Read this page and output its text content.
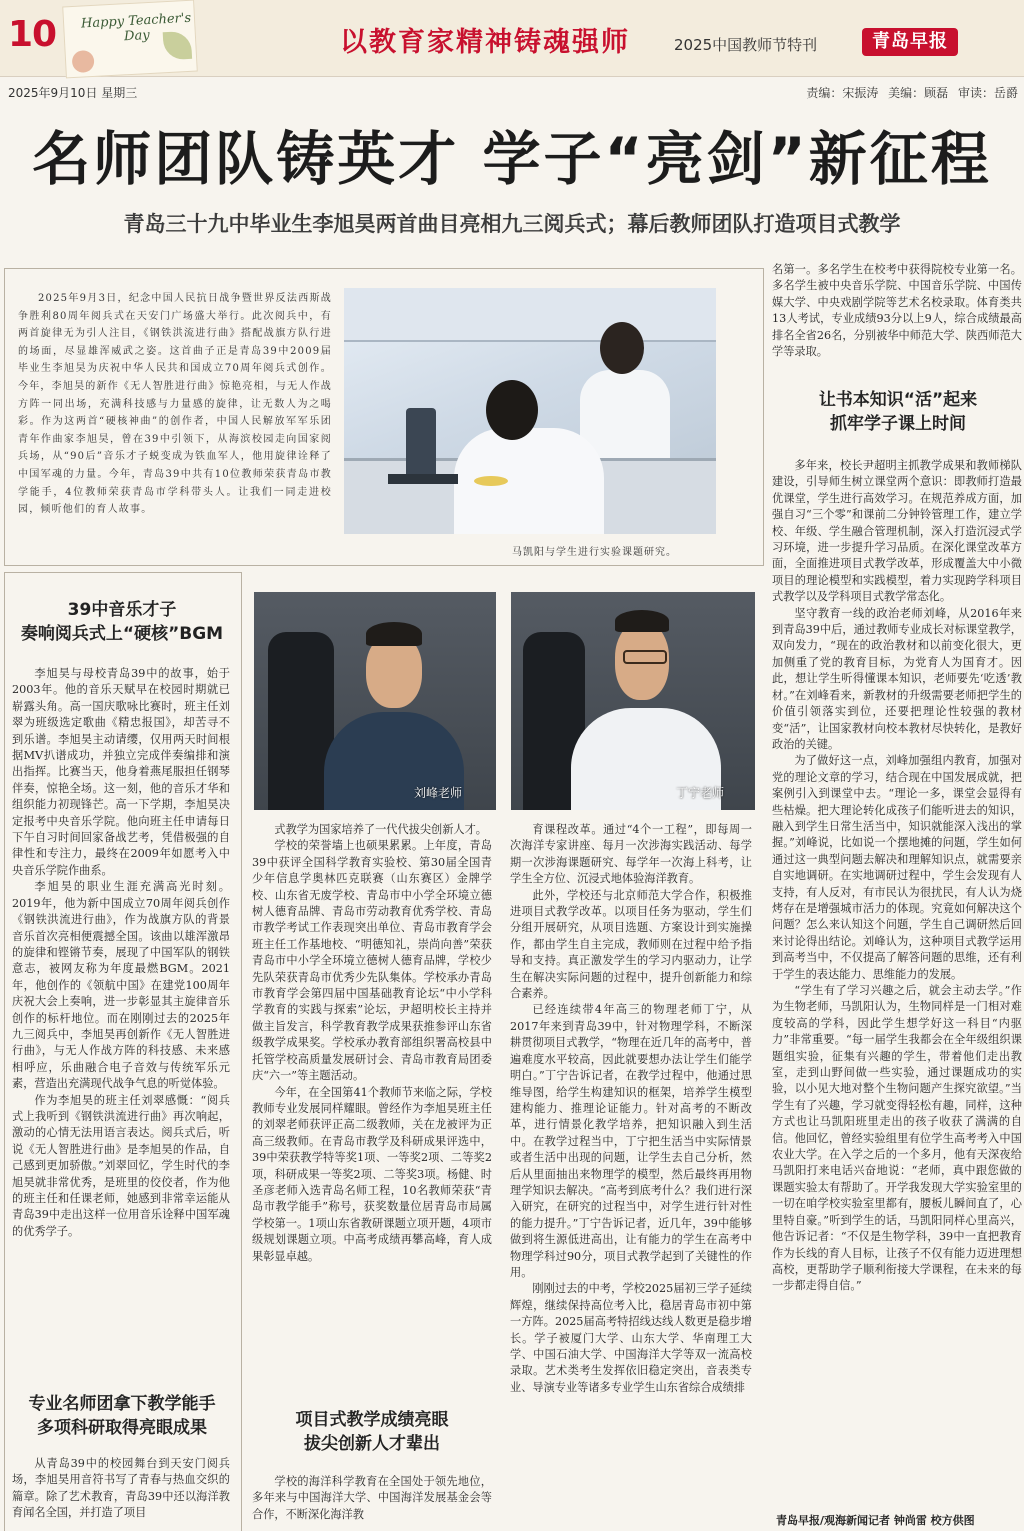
10 Happy Teacher's Day	以教育家精神铸魂强师	2025中国教师节特刊	青岛早报
2025年9月10日 星期三	责编：宋振涛 美编：顾磊 审读：岳爵
名师团队铸英才 学子“亮剑”新征程
青岛三十九中毕业生李旭昊两首曲目亮相九三阅兵式；幕后教师团队打造项目式教学

2025年9月3日，纪念中国人民抗日战争暨世界反法西斯战争胜利80周年阅兵式在天安门广场盛大举行。此次阅兵中，有两首旋律无为引人注目，《钢铁洪流进行曲》搭配战旗方队行进的场面，尽显雄浑威武之姿。这首曲子正是青岛39中2009届毕业生李旭昊为庆祝中华人民共和国成立70周年阅兵式创作。今年，李旭昊的新作《无人智胜进行曲》惊艳亮相，与无人作战方阵一同出场，充满科技感与力量感的旋律，让无数人为之喝彩。作为这两首“硬核神曲”的创作者，中国人民解放军军乐团青年作曲家李旭昊，曾在39中引领下，从海滨校园走向国家阅兵场，从“90后”音乐才子蜕变成为铁血军人，他用旋律诠释了中国军魂的力量。今年，青岛39中共有10位教师荣获青岛市教学能手，4位教师荣获青岛市学科带头人。让我们一同走进校园，倾听他们的育人故事。

马凯阳与学生进行实验课题研究。
39中音乐才子
奏响阅兵式上“硬核”BGM

李旭昊与母校青岛39中的故事，始于2003年。他的音乐天赋早在校园时期就已崭露头角。高一国庆歌咏比赛时，班主任刘翠为班级选定歌曲《精忠报国》，却苦寻不到乐谱。李旭昊主动请缨，仅用两天时间根据MV扒谱成功，并独立完成伴奏编排和演出指挥。比赛当天，他身着燕尾服担任钢琴伴奏，惊艳全场。这一刻，他的音乐才华和组织能力初现锋芒。高一下学期，李旭昊决定报考中央音乐学院。他向班主任申请每日下午自习时间回家备战艺考，凭借极强的自律性和专注力，最终在2009年如愿考入中央音乐学院作曲系。

李旭昊的职业生涯充满高光时刻。2019年，他为新中国成立70周年阅兵创作《钢铁洪流进行曲》，作为战旗方队的背景音乐首次亮相便震撼全国。该曲以雄浑激昂的旋律和铿锵节奏，展现了中国军队的钢铁意志，被网友称为年度最燃BGM。2021年，他创作的《领航中国》在建党100周年庆祝大会上奏响，进一步彰显其主旋律音乐创作的标杆地位。而在刚刚过去的2025年九三阅兵中，李旭昊再创新作《无人智胜进行曲》，与无人作战方阵的科技感、未来感相呼应，乐曲融合电子音效与传统军乐元素，营造出充满现代战争气息的听觉体验。

作为李旭昊的班主任刘翠感慨：“阅兵式上我听到《钢铁洪流进行曲》再次响起，激动的心情无法用语言表达。阅兵式后，听说《无人智胜进行曲》是李旭昊的作品，自己感到更加骄傲。”刘翠回忆，学生时代的李旭昊就非常优秀，是班里的佼佼者，作为他的班主任和任课老师，她感到非常幸运能从青岛39中走出这样一位用音乐诠释中国军魂的优秀学子。

专业名师团拿下教学能手
多项科研取得亮眼成果

从青岛39中的校园舞台到天安门阅兵场，李旭昊用音符书写了青春与热血交织的篇章。除了艺术教育，青岛39中还以海洋教育闻名全国，并打造了项目

刘峰老师	丁宁老师

式教学为国家培养了一代代拔尖创新人才。

学校的荣誉墙上也硕果累累。上年度，青岛39中获评全国科学教育实验校、第30届全国青少年信息学奥林匹克联赛（山东赛区）金牌学校、山东省无废学校、青岛市中小学全环境立德树人德育品牌、青岛市劳动教育优秀学校、青岛市教学考试工作表现突出单位、青岛市教育学会班主任工作基地校、“明德知礼，崇尚向善”荣获青岛市中小学全环境立德树人德育品牌，学校少先队荣获青岛市优秀少先队集体。学校承办青岛市教育学会第四届中国基础教育论坛“中小学科学教育的实践与探索”论坛，尹超明校长主持并做主旨发言，科学教育教学成果获推参评山东省级教学成果奖。学校承办教育部组织署高校县中托管学校高质量发展研讨会、青岛市教育局团委庆“六一”等主题活动。

今年，在全国第41个教师节来临之际，学校教师专业发展同样耀眼。曾经作为李旭昊班主任的刘翠老师获评正高二级教师，关在龙被评为正高三级教师。在青岛市教学及科研成果评选中，39中荣获教学特等奖1项、一等奖2项、二等奖2项，科研成果一等奖2项、二等奖3项。杨健、时圣彦老师入选青岛名师工程，10名教师荣获“青岛市教学能手”称号，获奖数量位居青岛市局属学校第一。1项山东省教研课题立项开题，4项市级规划课题立项。中高考成绩再攀高峰，育人成果彰显卓越。

项目式教学成绩亮眼
拔尖创新人才辈出

学校的海洋科学教育在全国处于领先地位，多年来与中国海洋大学、中国海洋发展基金会等合作，不断深化海洋教

育课程改革。通过“4个一工程”，即每周一次海洋专家讲座、每月一次涉海实践活动、每学期一次涉海课题研究、每学年一次海上科考，让学生全方位、沉浸式地体验海洋教育。

此外，学校还与北京师范大学合作，积极推进项目式教学改革。以项目任务为驱动，学生们分组开展研究，从项目选题、方案设计到实施操作，都由学生自主完成，教师则在过程中给予指导和支持。真正激发学生的学习内驱动力，让学生在解决实际问题的过程中，提升创新能力和综合素养。

已经连续带4年高三的物理老师丁宁，从2017年来到青岛39中，针对物理学科，不断深耕贯彻项目式教学，“物理在近几年的高考中，普遍难度水平较高，因此就要想办法让学生们能学明白。”丁宁告诉记者，在教学过程中，他通过思维导图，给学生构建知识的框架，培养学生模型建构能力、推理论证能力。针对高考的不断改革，进行情景化教学培养，把知识融入到生活中。在教学过程当中，丁宁把生活当中实际情景或者生活中出现的问题，让学生去自己分析，然后从里面抽出来物理学的模型，然后最终再用物理学知识去解决。“高考到底考什么？我们进行深入研究，在研究的过程当中，对学生进行针对性的能力提升。”丁宁告诉记者，近几年，39中能够做到将生源低进高出，让有能力的学生在高考中物理学科过90分，项目式教学起到了关键性的作用。

刚刚过去的中考，学校2025届初三学子延续辉煌，继续保持高位考入比，稳居青岛市初中第一方阵。2025届高考特招线达线人数更是稳步增长。学子被厦门大学、山东大学、华南理工大学、中国石油大学、中国海洋大学等双一流高校录取。艺术类考生发挥依旧稳定突出，音表类专业、导演专业等诸多专业学生山东省综合成绩排

名第一。多名学生在校考中获得院校专业第一名。多名学生被中央音乐学院、中国音乐学院、中国传媒大学、中央戏剧学院等艺术名校录取。体育类共13人考试，专业成绩93分以上9人，综合成绩最高排名全省26名，分别被华中师范大学、陕西师范大学等录取。

让书本知识“活”起来
抓牢学子课上时间

多年来，校长尹超明主抓教学成果和教师梯队建设，引导师生树立课堂两个意识：即教师打造最优课堂，学生进行高效学习。在规范养成方面，加强自习“三个零”和课前二分钟铃管理工作，建立学校、年级、学生融合管理机制，深入打造沉浸式学习环境，进一步提升学习品质。在深化课堂改革方面，全面推进项目式教学改革，形成覆盖大中小微项目的理论模型和实践模型，着力实现跨学科项目式教学以及学科项目式教学常态化。

坚守教育一线的政治老师刘峰，从2016年来到青岛39中后，通过教师专业成长对标课堂教学，双向发力，“现在的政治教材和以前变化很大，更加侧重了党的教育目标，为党育人为国育才。因此，想让学生听得懂课本知识，老师要先‘吃透’教材。”在刘峰看来，新教材的升级需要老师把学生的价值引领落实到位，还要把理论性较强的教材变“活”，让国家教材向校本教材尽快转化，是教好政治的关键。

为了做好这一点，刘峰加强组内教育，加强对党的理论文章的学习，结合现在中国发展成就，把案例引入到课堂中去。“理论一多，课堂会显得有些枯燥。把大理论转化成孩子们能听进去的知识，融入到学生日常生活当中，知识就能深入浅出的掌握。”刘峰说，比如说一个摆地摊的问题，学生如何通过这一典型问题去解决和理解知识点，就需要亲自实地调研。在实地调研过程中，学生会发现有人支持，有人反对，有市民认为很扰民，有人认为烧烤存在是增强城市活力的体现。究竟如何解决这个问题？怎么来认知这个问题，学生自己调研然后回来讨论得出结论。刘峰认为，这种项目式教学运用到高考当中，不仅提高了解答问题的思维，还有利于学生的表达能力、思维能力的发展。

“学生有了学习兴趣之后，就会主动去学。”作为生物老师，马凯阳认为，生物同样是一门相对难度较高的学科，因此学生想学好这一科目“内驱力”非常重要。“每一届学生我都会在全年级组织课题组实验，征集有兴趣的学生，带着他们走出教室，走到山野间做一些实验，通过课题成功的实验，以小见大地对整个生物问题产生探究欲望。”当学生有了兴趣，学习就变得轻松有趣，同样，这种方式也让马凯阳班里走出的孩子收获了满满的自信。他回忆，曾经实验组里有位学生高考考入中国农业大学。在入学之后的一个多月，他有天深夜给马凯阳打来电话兴奋地说：“老师，真中跟您做的课题实验太有帮助了。开学我发现大学实验室里的一切在咱学校实验室里都有，腰板儿瞬间直了，心里特自豪。”听到学生的话，马凯阳同样心里高兴，他告诉记者：“不仅是生物学科，39中一直把教育作为长线的育人目标，让孩子不仅有能力迈进理想高校，更帮助学子顺利衔接大学课程，在未来的每一步都走得自信。”

青岛早报/观海新闻记者 钟尚雷 校方供图
